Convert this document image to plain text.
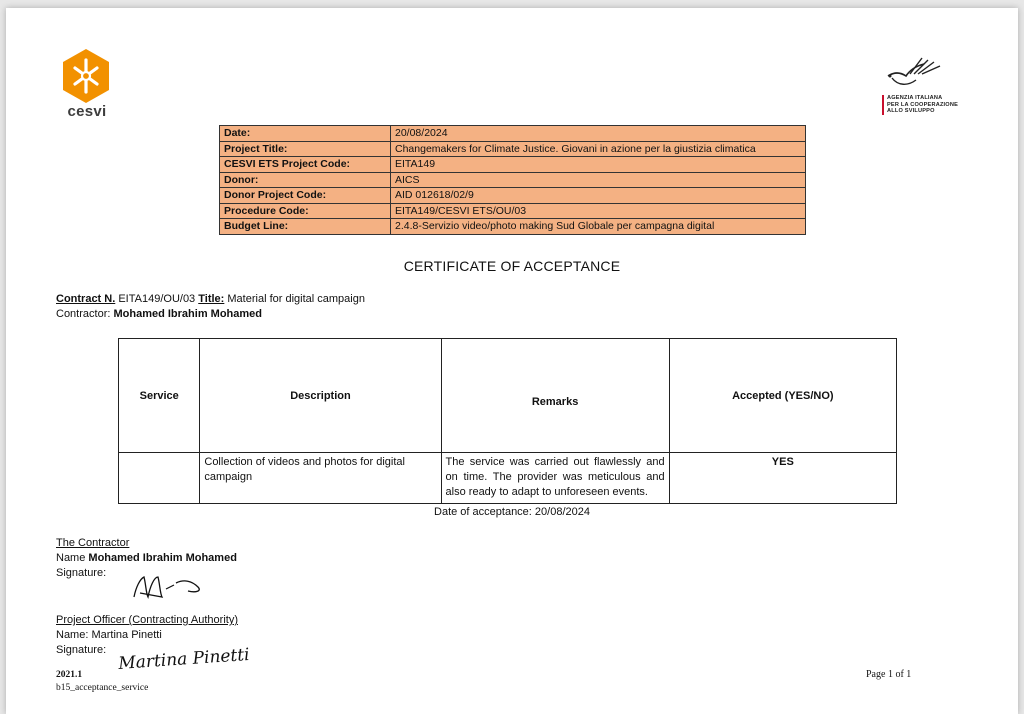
cesvi
AGENZIA ITALIANA
PER LA COOPERAZIONE
ALLO SVILUPPO
Date:	20/08/2024
Project Title:	Changemakers for Climate Justice. Giovani in azione per la giustizia climatica
CESVI ETS Project Code:	EITA149
Donor:	AICS
Donor Project Code:	AID 012618/02/9
Procedure Code:	EITA149/CESVI ETS/OU/03
Budget Line:	2.4.8-Servizio video/photo making Sud Globale per campagna digital
CERTIFICATE OF ACCEPTANCE
Contract N. EITA149/OU/03 Title: Material for digital campaign
Contractor: Mohamed Ibrahim Mohamed
Service	Description	Remarks	Accepted (YES/NO)
	Collection of videos and photos for digital campaign	The service was carried out flawlessly and on time. The provider was meticulous and also ready to adapt to unforeseen events.	YES
Date of acceptance: 20/08/2024
The Contractor
Name Mohamed Ibrahim Mohamed
Signature:
Project Officer (Contracting Authority)
Name: Martina Pinetti
Signature: Martina Pinetti
2021.1
b15_acceptance_service
Page 1 of 1
